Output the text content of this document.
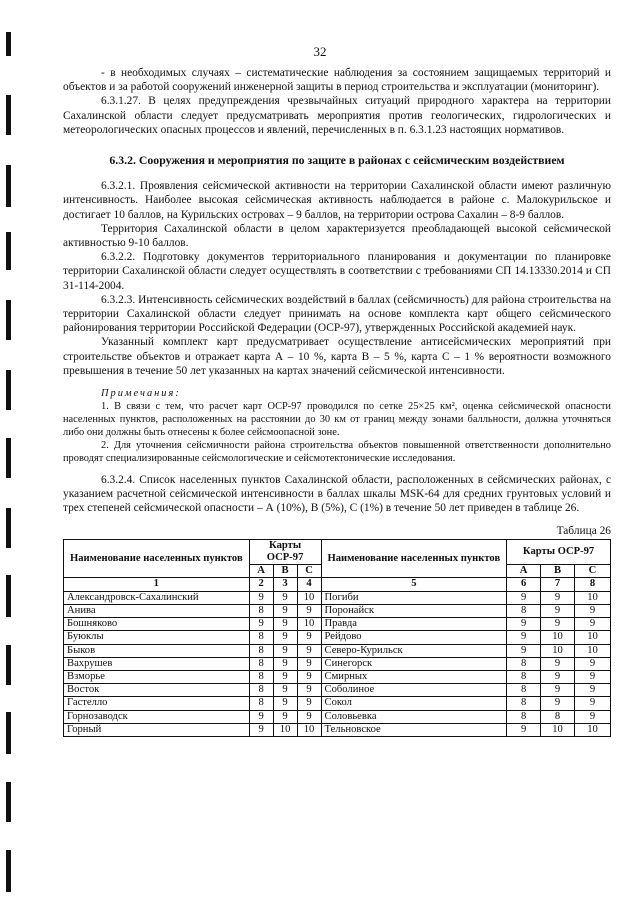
32

- в необходимых случаях – систематические наблюдения за состоянием защищаемых территорий и объектов и за работой сооружений инженерной защиты в период строительства и эксплуатации (мониторинг).

6.3.1.27. В целях предупреждения чрезвычайных ситуаций природного характера на территории Сахалинской области следует предусматривать мероприятия против геологических, гидрологических и метеорологических опасных процессов и явлений, перечисленных в п. 6.3.1.23 настоящих нормативов.

6.3.2. Сооружения и мероприятия по защите в районах с сейсмическим воздействием

6.3.2.1. Проявления сейсмической активности на территории Сахалинской области имеют различную интенсивность. Наиболее высокая сейсмическая активность наблюдается в районе с. Малокурильское и достигает 10 баллов, на Курильских островах – 9 баллов, на территории острова Сахалин – 8-9 баллов.

Территория Сахалинской области в целом характеризуется преобладающей высокой сейсмической активностью 9-10 баллов.

6.3.2.2. Подготовку документов территориального планирования и документации по планировке территории Сахалинской области следует осуществлять в соответствии с требованиями СП 14.13330.2014 и СП 31-114-2004.

6.3.2.3. Интенсивность сейсмических воздействий в баллах (сейсмичность) для района строительства на территории Сахалинской области следует принимать на основе комплекта карт общего сейсмического районирования территории Российской Федерации (ОСР-97), утвержденных Российской академией наук.

Указанный комплект карт предусматривает осуществление антисейсмических мероприятий при строительстве объектов и отражает карта А – 10 %, карта В – 5 %, карта С – 1 % вероятности возможного превышения в течение 50 лет указанных на картах значений сейсмической интенсивности.

Примечания:

1. В связи с тем, что расчет карт ОСР-97 проводился по сетке 25×25 км², оценка сейсмической опасности населенных пунктов, расположенных на расстоянии до 30 км от границ между зонами балльности, должна уточняться либо они должны быть отнесены к более сейсмоопасной зоне.

2. Для уточнения сейсмичности района строительства объектов повышенной ответственности дополнительно проводят специализированные сейсмологические и сейсмотектонические исследования.

6.3.2.4. Список населенных пунктов Сахалинской области, расположенных в сейсмических районах, с указанием расчетной сейсмической интенсивности в баллах шкалы MSK-64 для средних грунтовых условий и трех степеней сейсмической опасности – А (10%), В (5%), С (1%) в течение 50 лет приведен в таблице 26.

Таблица 26

Наименование населенных пунктов	Карты ОСР-97			Наименование населенных пунктов	Карты ОСР-97		
	А	В	С		А	В	С
1	2	3	4	5	6	7	8
Александровск-Сахалинский	9	9	10	Погиби	9	9	10
Анива	8	9	9	Поронайск	8	9	9
Бошняково	9	9	10	Правда	9	9	9
Буюклы	8	9	9	Рейдово	9	10	10
Быков	8	9	9	Северо-Курильск	9	10	10
Вахрушев	8	9	9	Синегорск	8	9	9
Взморье	8	9	9	Смирных	8	9	9
Восток	8	9	9	Соболиное	8	9	9
Гастелло	8	9	9	Сокол	8	9	9
Горнозаводск	9	9	9	Соловьевка	8	8	9
Горный	9	10	10	Тельновское	9	10	10
